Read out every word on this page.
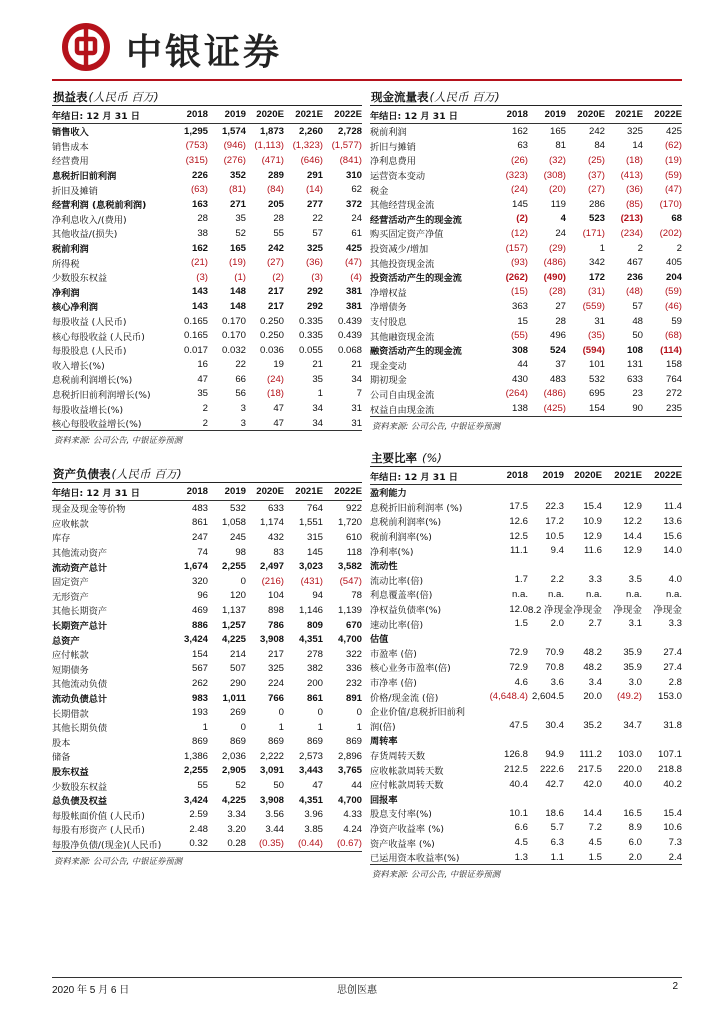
中银证券
损益表(人民币 百万)
年结日: 12 月 31 日	2018	2019	2020E	2021E	2022E
销售收入	1,295	1,574	1,873	2,260	2,728
销售成本	(753)	(946)	(1,113)	(1,323)	(1,577)
经营费用	(315)	(276)	(471)	(646)	(841)
息税折旧前利润	226	352	289	291	310
折旧及摊销	(63)	(81)	(84)	(14)	62
经营利润 (息税前利润)	163	271	205	277	372
净利息收入/(费用)	28	35	28	22	24
其他收益/(损失)	38	52	55	57	61
税前利润	162	165	242	325	425
所得税	(21)	(19)	(27)	(36)	(47)
少数股东权益	(3)	(1)	(2)	(3)	(4)
净利润	143	148	217	292	381
核心净利润	143	148	217	292	381
每股收益 (人民币)	0.165	0.170	0.250	0.335	0.439
核心每股收益 (人民币)	0.165	0.170	0.250	0.335	0.439
每股股息 (人民币)	0.017	0.032	0.036	0.055	0.068
收入增长(%)	16	22	19	21	21
息税前利润增长(%)	47	66	(24)	35	34
息税折旧前利润增长(%)	35	56	(18)	1	7
每股收益增长(%)	2	3	47	34	31
核心每股收益增长(%)	2	3	47	34	31
资料来源: 公司公告, 中银证券预测
现金流量表(人民币 百万)
年结日: 12 月 31 日	2018	2019	2020E	2021E	2022E
税前利润	162	165	242	325	425
折旧与摊销	63	81	84	14	(62)
净利息费用	(26)	(32)	(25)	(18)	(19)
运营资本变动	(323)	(308)	(37)	(413)	(59)
税金	(24)	(20)	(27)	(36)	(47)
其他经营现金流	145	119	286	(85)	(170)
经营活动产生的现金流	(2)	4	523	(213)	68
购买固定资产净值	(12)	24	(171)	(234)	(202)
投资减少/增加	(157)	(29)	1	2	2
其他投资现金流	(93)	(486)	342	467	405
投资活动产生的现金流	(262)	(490)	172	236	204
净增权益	(15)	(28)	(31)	(48)	(59)
净增债务	363	27	(559)	57	(46)
支付股息	15	28	31	48	59
其他融资现金流	(55)	496	(35)	50	(68)
融资活动产生的现金流	308	524	(594)	108	(114)
现金变动	44	37	101	131	158
期初现金	430	483	532	633	764
公司自由现金流	(264)	(486)	695	23	272
权益自由现金流	138	(425)	154	90	235
资料来源: 公司公告, 中银证券预测
资产负债表(人民币 百万)
年结日: 12 月 31 日	2018	2019	2020E	2021E	2022E
现金及现金等价物	483	532	633	764	922
应收帐款	861	1,058	1,174	1,551	1,720
库存	247	245	432	315	610
其他流动资产	74	98	83	145	118
流动资产总计	1,674	2,255	2,497	3,023	3,582
固定资产	320	0	(216)	(431)	(547)
无形资产	96	120	104	94	78
其他长期资产	469	1,137	898	1,146	1,139
长期资产总计	886	1,257	786	809	670
总资产	3,424	4,225	3,908	4,351	4,700
应付帐款	154	214	217	278	322
短期债务	567	507	325	382	336
其他流动负债	262	290	224	200	232
流动负债总计	983	1,011	766	861	891
长期借款	193	269	0	0	0
其他长期负债	1	0	1	1	1
股本	869	869	869	869	869
储备	1,386	2,036	2,222	2,573	2,896
股东权益	2,255	2,905	3,091	3,443	3,765
少数股东权益	55	52	50	47	44
总负债及权益	3,424	4,225	3,908	4,351	4,700
每股帐面价值 (人民币)	2.59	3.34	3.56	3.96	4.33
每股有形资产 (人民币)	2.48	3.20	3.44	3.85	4.24
每股净负债/(现金)(人民币)	0.32	0.28	(0.35)	(0.44)	(0.67)
资料来源: 公司公告, 中银证券预测
主要比率 (%)
年结日: 12 月 31 日	2018	2019	2020E	2021E	2022E
盈利能力					
息税折旧前利润率 (%)	17.5	22.3	15.4	12.9	11.4
息税前利润率(%)	12.6	17.2	10.9	12.2	13.6
税前利润率(%)	12.5	10.5	12.9	14.4	15.6
净利率(%)	11.1	9.4	11.6	12.9	14.0
流动性					
流动比率(倍)	1.7	2.2	3.3	3.5	4.0
利息覆盖率(倍)	n.a.	n.a.	n.a.	n.a.	n.a.
净权益负债率(%)	12.0	8.2 净现金	净现金	净现金	净现金
速动比率(倍)	1.5	2.0	2.7	3.1	3.3
估值					
市盈率 (倍)	72.9	70.9	48.2	35.9	27.4
核心业务市盈率(倍)	72.9	70.8	48.2	35.9	27.4
市净率 (倍)	4.6	3.6	3.4	3.0	2.8
价格/现金流 (倍)	(4,648.4)	2,604.5	20.0	(49.2)	153.0
企业价值/息税折旧前利					
润(倍)	47.5	30.4	35.2	34.7	31.8
周转率					
存货周转天数	126.8	94.9	111.2	103.0	107.1
应收帐款周转天数	212.5	222.6	217.5	220.0	218.8
应付帐款周转天数	40.4	42.7	42.0	40.0	40.2
回报率					
股息支付率(%)	10.1	18.6	14.4	16.5	15.4
净资产收益率 (%)	6.6	5.7	7.2	8.9	10.6
资产收益率 (%)	4.5	6.3	4.5	6.0	7.3
已运用资本收益率(%)	1.3	1.1	1.5	2.0	2.4
资料来源: 公司公告, 中银证券预测
2020 年 5 月 6 日	思创医惠	2
